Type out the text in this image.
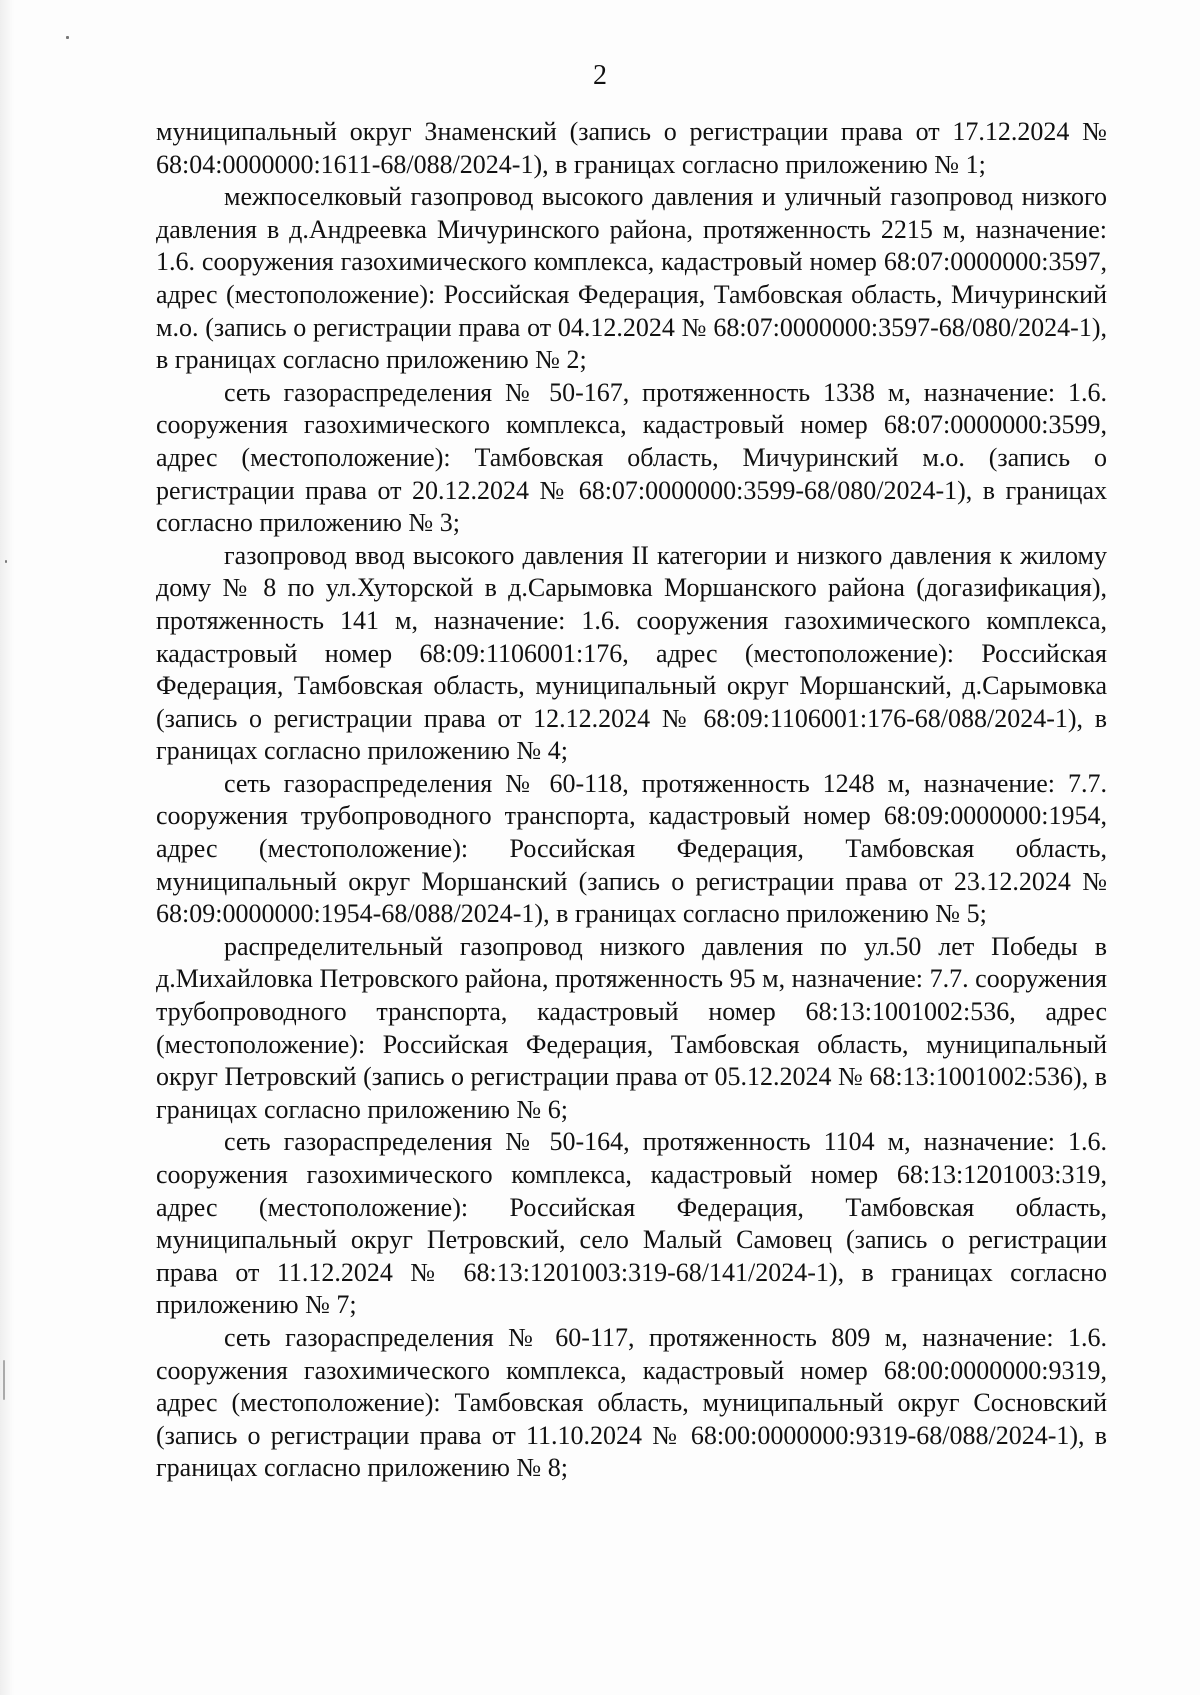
2

муниципальный округ Знаменский (запись о регистрации права от 17.12.2024 № 68:04:0000000:1611-68/088/2024-1), в границах согласно приложению № 1;

межпоселковый газопровод высокого давления и уличный газопровод низкого давления в д.Андреевка Мичуринского района, протяженность 2215 м, назначение: 1.6. сооружения газохимического комплекса, кадастровый номер 68:07:0000000:3597, адрес (местоположение): Российская Федерация, Тамбовская область, Мичуринский м.о. (запись о регистрации права от 04.12.2024 № 68:07:0000000:3597-68/080/2024-1), в границах согласно приложению № 2;

сеть газораспределения № 50-167, протяженность 1338 м, назначение: 1.6. сооружения газохимического комплекса, кадастровый номер 68:07:0000000:3599, адрес (местоположение): Тамбовская область, Мичуринский м.о. (запись о регистрации права от 20.12.2024 № 68:07:0000000:3599-68/080/2024-1), в границах согласно приложению № 3;

газопровод ввод высокого давления II категории и низкого давления к жилому дому № 8 по ул.Хуторской в д.Сарымовка Моршанского района (догазификация), протяженность 141 м, назначение: 1.6. сооружения газохимического комплекса, кадастровый номер 68:09:1106001:176, адрес (местоположение): Российская Федерация, Тамбовская область, муниципальный округ Моршанский, д.Сарымовка (запись о регистрации права от 12.12.2024 № 68:09:1106001:176-68/088/2024-1), в границах согласно приложению № 4;

сеть газораспределения № 60-118, протяженность 1248 м, назначение: 7.7. сооружения трубопроводного транспорта, кадастровый номер 68:09:0000000:1954, адрес (местоположение): Российская Федерация, Тамбовская область, муниципальный округ Моршанский (запись о регистрации права от 23.12.2024 № 68:09:0000000:1954-68/088/2024-1), в границах согласно приложению № 5;

распределительный газопровод низкого давления по ул.50 лет Победы в д.Михайловка Петровского района, протяженность 95 м, назначение: 7.7. сооружения трубопроводного транспорта, кадастровый номер 68:13:1001002:536, адрес (местоположение): Российская Федерация, Тамбовская область, муниципальный округ Петровский (запись о регистрации права от 05.12.2024 № 68:13:1001002:536), в границах согласно приложению № 6;

сеть газораспределения № 50-164, протяженность 1104 м, назначение: 1.6. сооружения газохимического комплекса, кадастровый номер 68:13:1201003:319, адрес (местоположение): Российская Федерация, Тамбовская область, муниципальный округ Петровский, село Малый Самовец (запись о регистрации права от 11.12.2024 № 68:13:1201003:319-68/141/2024-1), в границах согласно приложению № 7;

сеть газораспределения № 60-117, протяженность 809 м, назначение: 1.6. сооружения газохимического комплекса, кадастровый номер 68:00:0000000:9319, адрес (местоположение): Тамбовская область, муниципальный округ Сосновский (запись о регистрации права от 11.10.2024 № 68:00:0000000:9319-68/088/2024-1), в границах согласно приложению № 8;
